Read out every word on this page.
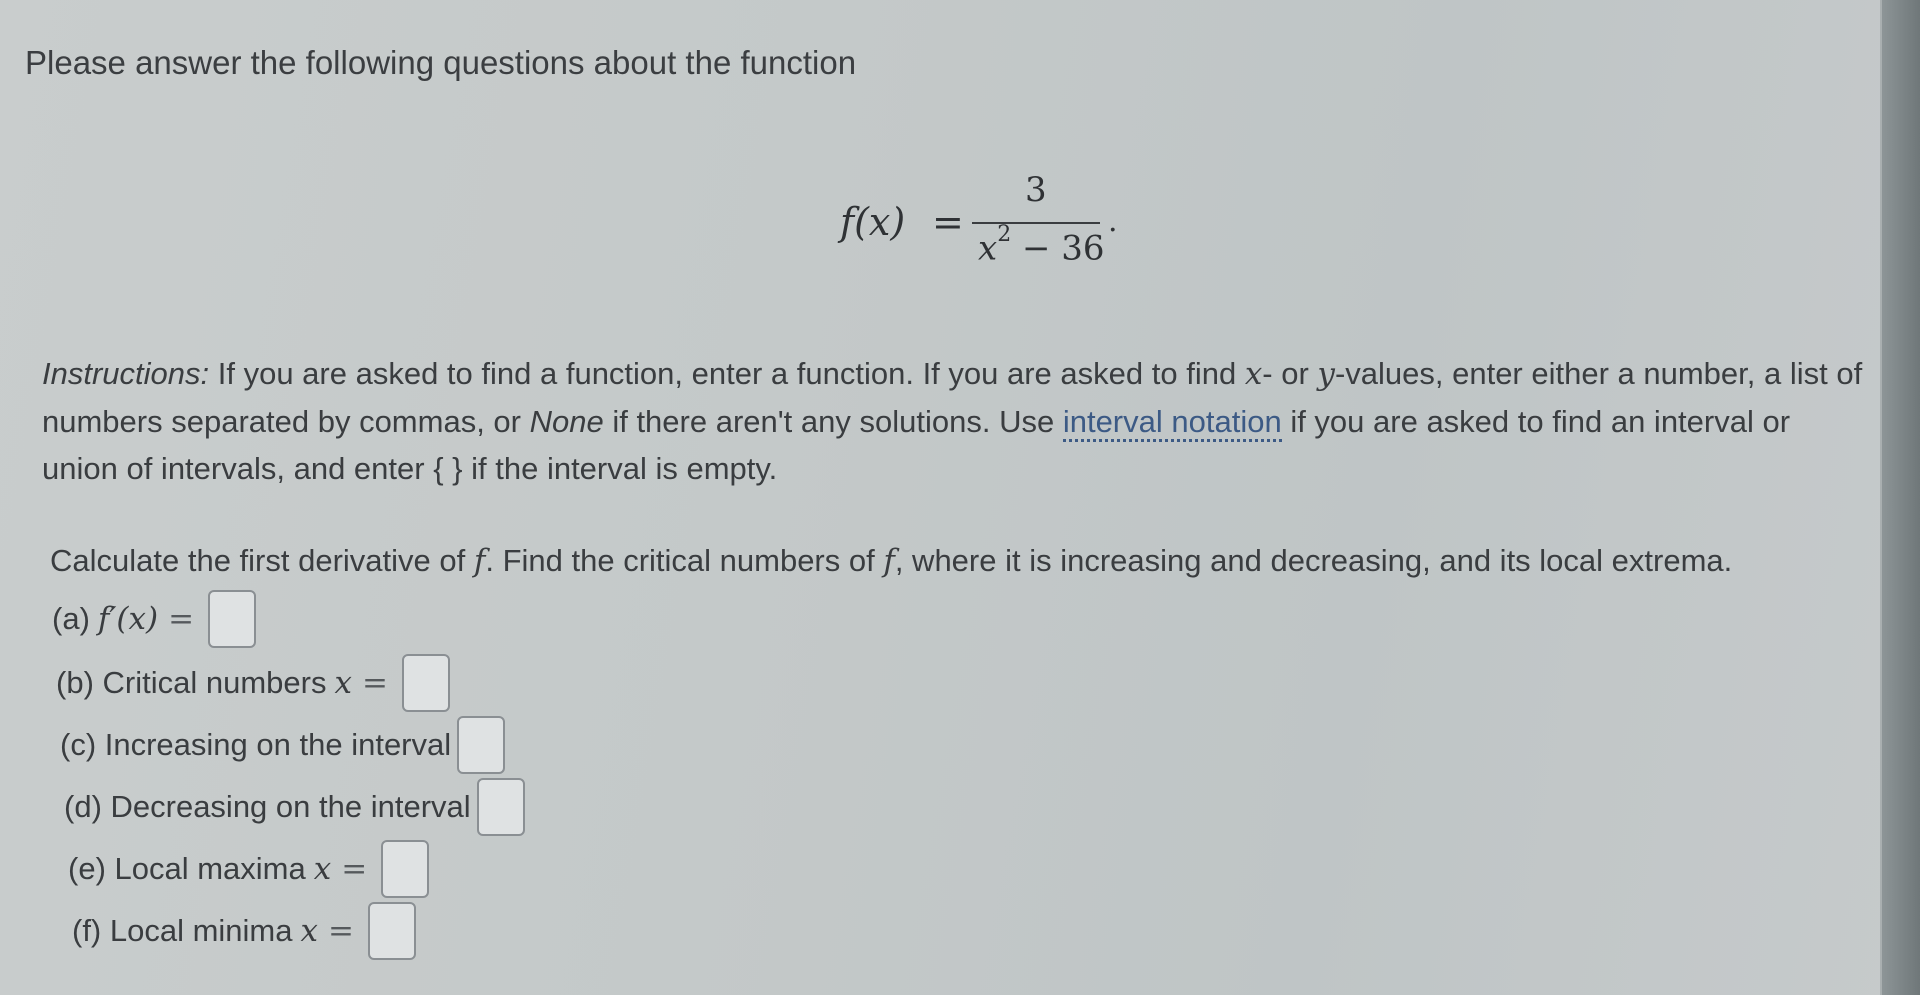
Please answer the following questions about the function
f(x) =
3
$x^2 - 36$
.
Instructions: If you are asked to find a function, enter a function. If you are asked to find x- or y-values, enter either a number, a list of numbers separated by commas, or None if there aren't any solutions. Use interval notation if you are asked to find an interval or union of intervals, and enter { } if the interval is empty.
Calculate the first derivative of f. Find the critical numbers of f, where it is increasing and decreasing, and its local extrema.
(a) f′(x) =
(b) Critical numbers x =
(c) Increasing on the interval
(d) Decreasing on the interval
(e) Local maxima x =
(f) Local minima x =
